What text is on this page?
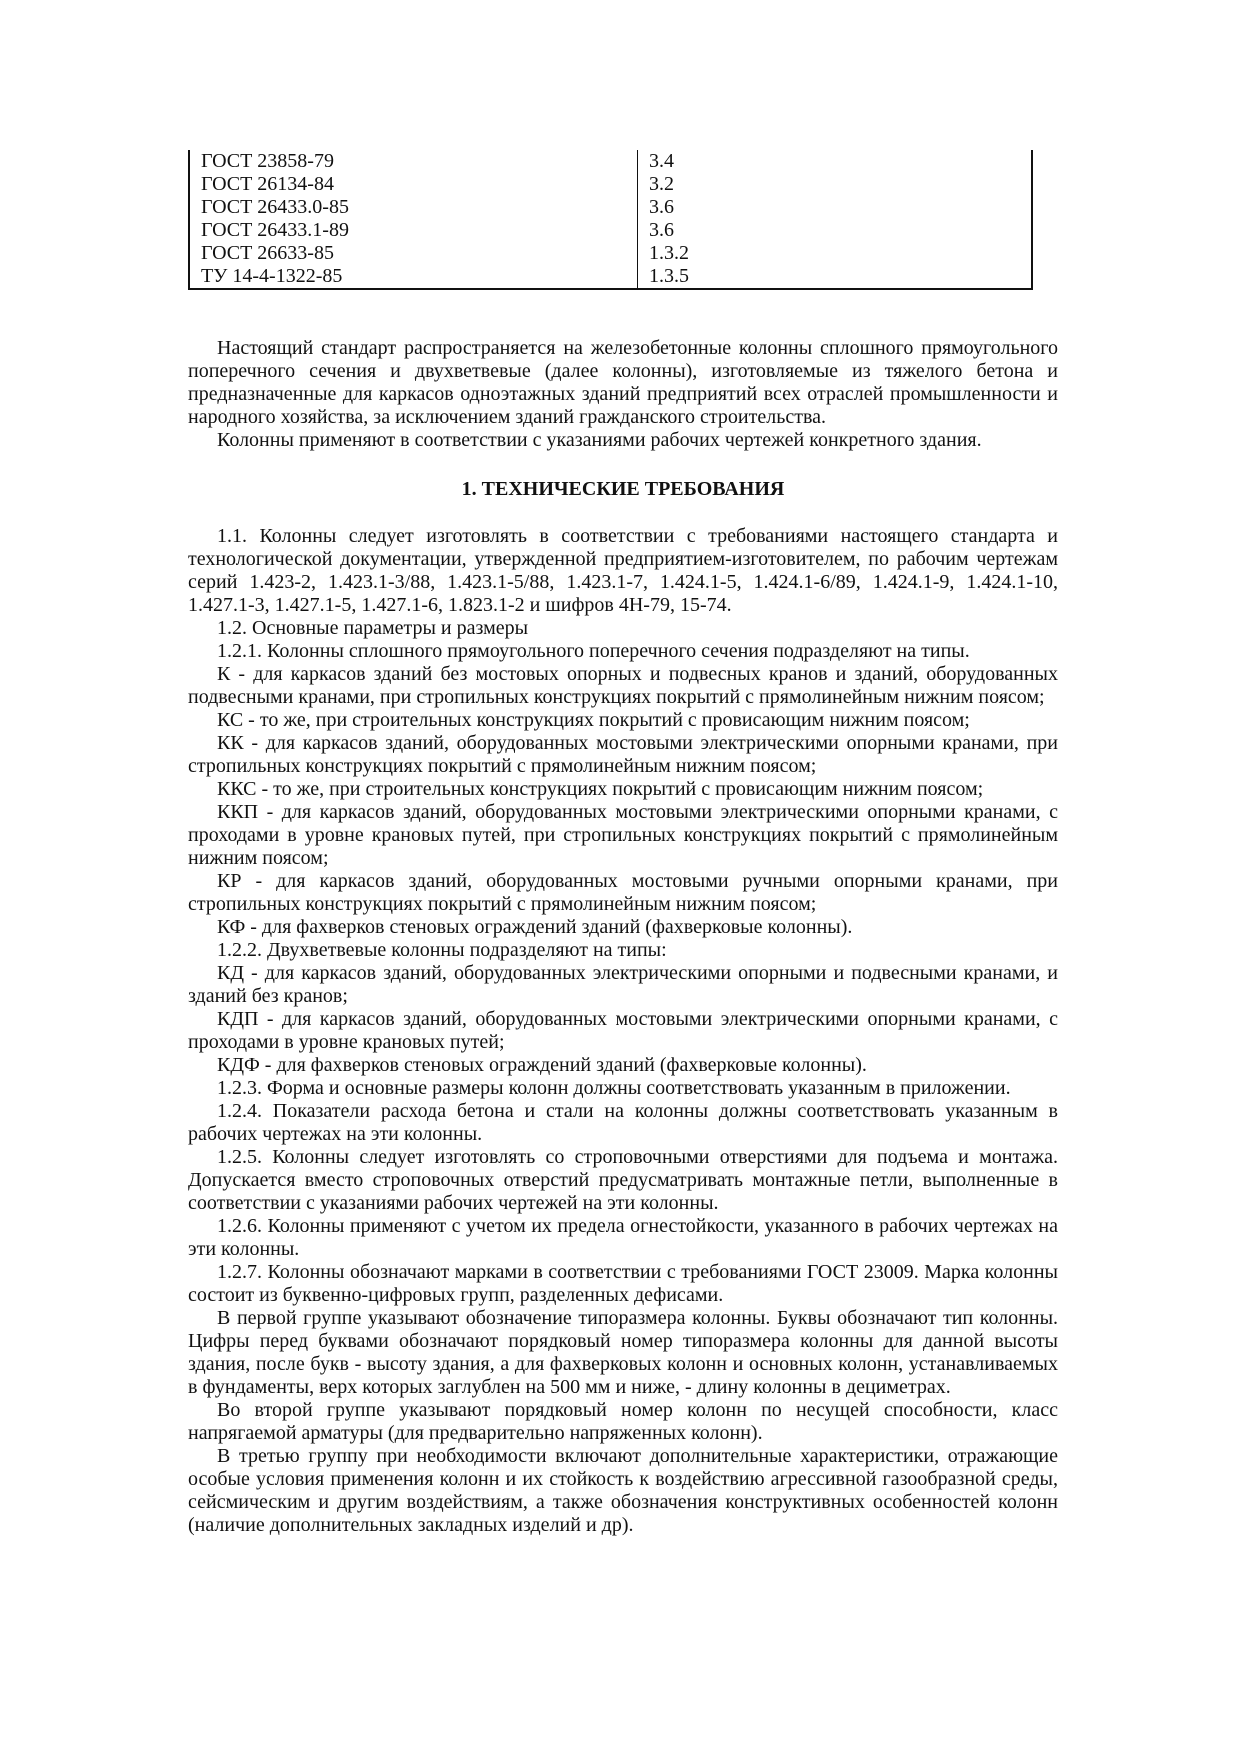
ГОСТ 23858-79	3.4
ГОСТ 26134-84	3.2
ГОСТ 26433.0-85	3.6
ГОСТ 26433.1-89	3.6
ГОСТ 26633-85	1.3.2
ТУ 14-4-1322-85	1.3.5

Настоящий стандарт распространяется на железобетонные колонны сплошного прямоугольного поперечного сечения и двухветвевые (далее колонны), изготовляемые из тяжелого бетона и предназначенные для каркасов одноэтажных зданий предприятий всех отраслей промышленности и народного хозяйства, за исключением зданий гражданского строительства.

Колонны применяют в соответствии с указаниями рабочих чертежей конкретного здания.

1. ТЕХНИЧЕСКИЕ ТРЕБОВАНИЯ

1.1. Колонны следует изготовлять в соответствии с требованиями настоящего стандарта и технологической документации, утвержденной предприятием-изготовителем, по рабочим чертежам серий 1.423-2, 1.423.1-3/88, 1.423.1-5/88, 1.423.1-7, 1.424.1-5, 1.424.1-6/89, 1.424.1-9, 1.424.1-10, 1.427.1-3, 1.427.1-5, 1.427.1-6, 1.823.1-2 и шифров 4Н-79, 15-74.

1.2. Основные параметры и размеры

1.2.1. Колонны сплошного прямоугольного поперечного сечения подразделяют на типы.

К - для каркасов зданий без мостовых опорных и подвесных кранов и зданий, оборудованных подвесными кранами, при стропильных конструкциях покрытий с прямолинейным нижним поясом;

КС - то же, при строительных конструкциях покрытий с провисающим нижним поясом;

КК - для каркасов зданий, оборудованных мостовыми электрическими опорными кранами, при стропильных конструкциях покрытий с прямолинейным нижним поясом;

ККС - то же, при строительных конструкциях покрытий с провисающим нижним поясом;

ККП - для каркасов зданий, оборудованных мостовыми электрическими опорными кранами, с проходами в уровне крановых путей, при стропильных конструкциях покрытий с прямолинейным нижним поясом;

КР - для каркасов зданий, оборудованных мостовыми ручными опорными кранами, при стропильных конструкциях покрытий с прямолинейным нижним поясом;

КФ - для фахверков стеновых ограждений зданий (фахверковые колонны).

1.2.2. Двухветвевые колонны подразделяют на типы:

КД - для каркасов зданий, оборудованных электрическими опорными и подвесными кранами, и зданий без кранов;

КДП - для каркасов зданий, оборудованных мостовыми электрическими опорными кранами, с проходами в уровне крановых путей;

КДФ - для фахверков стеновых ограждений зданий (фахверковые колонны).

1.2.3. Форма и основные размеры колонн должны соответствовать указанным в приложении.

1.2.4. Показатели расхода бетона и стали на колонны должны соответствовать указанным в рабочих чертежах на эти колонны.

1.2.5. Колонны следует изготовлять со строповочными отверстиями для подъема и монтажа. Допускается вместо строповочных отверстий предусматривать монтажные петли, выполненные в соответствии с указаниями рабочих чертежей на эти колонны.

1.2.6. Колонны применяют с учетом их предела огнестойкости, указанного в рабочих чертежах на эти колонны.

1.2.7. Колонны обозначают марками в соответствии с требованиями ГОСТ 23009. Марка колонны состоит из буквенно-цифровых групп, разделенных дефисами.

В первой группе указывают обозначение типоразмера колонны. Буквы обозначают тип колонны. Цифры перед буквами обозначают порядковый номер типоразмера колонны для данной высоты здания, после букв - высоту здания, а для фахверковых колонн и основных колонн, устанавливаемых в фундаменты, верх которых заглублен на 500 мм и ниже, - длину колонны в дециметрах.

Во второй группе указывают порядковый номер колонн по несущей способности, класс напрягаемой арматуры (для предварительно напряженных колонн).

В третью группу при необходимости включают дополнительные характеристики, отражающие особые условия применения колонн и их стойкость к воздействию агрессивной газообразной среды, сейсмическим и другим воздействиям, а также обозначения конструктивных особенностей колонн (наличие дополнительных закладных изделий и др).
